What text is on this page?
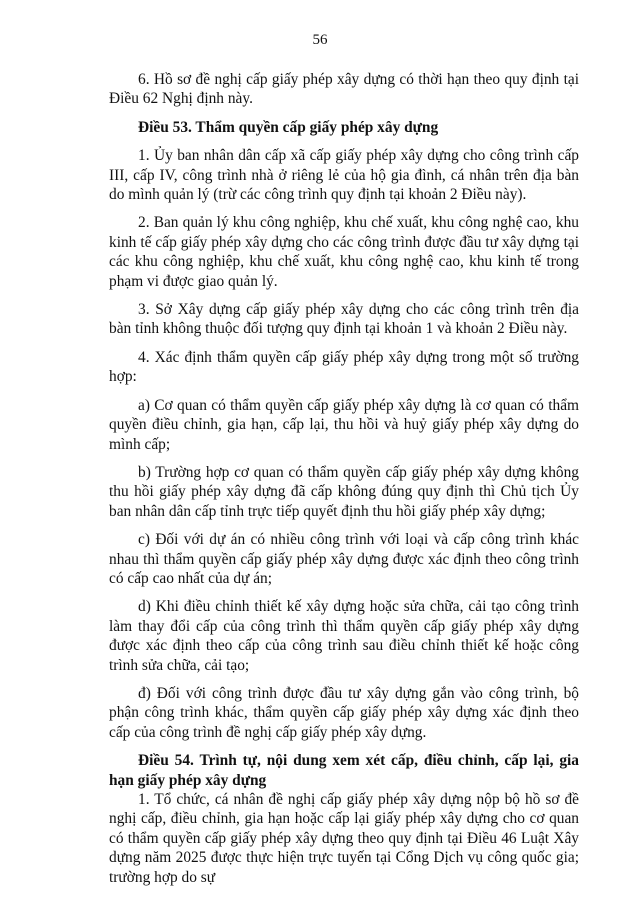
56

6. Hồ sơ đề nghị cấp giấy phép xây dựng có thời hạn theo quy định tại Điều 62 Nghị định này.

Điều 53. Thẩm quyền cấp giấy phép xây dựng

1. Ủy ban nhân dân cấp xã cấp giấy phép xây dựng cho công trình cấp III, cấp IV, công trình nhà ở riêng lẻ của hộ gia đình, cá nhân trên địa bàn do mình quản lý (trừ các công trình quy định tại khoản 2 Điều này).

2. Ban quản lý khu công nghiệp, khu chế xuất, khu công nghệ cao, khu kinh tế cấp giấy phép xây dựng cho các công trình được đầu tư xây dựng tại các khu công nghiệp, khu chế xuất, khu công nghệ cao, khu kinh tế trong phạm vi được giao quản lý.

3. Sở Xây dựng cấp giấy phép xây dựng cho các công trình trên địa bàn tỉnh không thuộc đối tượng quy định tại khoản 1 và khoản 2 Điều này.

4. Xác định thẩm quyền cấp giấy phép xây dựng trong một số trường hợp:

a) Cơ quan có thẩm quyền cấp giấy phép xây dựng là cơ quan có thẩm quyền điều chỉnh, gia hạn, cấp lại, thu hồi và huỷ giấy phép xây dựng do mình cấp;

b) Trường hợp cơ quan có thẩm quyền cấp giấy phép xây dựng không thu hồi giấy phép xây dựng đã cấp không đúng quy định thì Chủ tịch Ủy ban nhân dân cấp tỉnh trực tiếp quyết định thu hồi giấy phép xây dựng;

c) Đối với dự án có nhiều công trình với loại và cấp công trình khác nhau thì thẩm quyền cấp giấy phép xây dựng được xác định theo công trình có cấp cao nhất của dự án;

d) Khi điều chỉnh thiết kế xây dựng hoặc sửa chữa, cải tạo công trình làm thay đổi cấp của công trình thì thẩm quyền cấp giấy phép xây dựng được xác định theo cấp của công trình sau điều chỉnh thiết kế hoặc công trình sửa chữa, cải tạo;

đ) Đối với công trình được đầu tư xây dựng gắn vào công trình, bộ phận công trình khác, thẩm quyền cấp giấy phép xây dựng xác định theo cấp của công trình đề nghị cấp giấy phép xây dựng.

Điều 54. Trình tự, nội dung xem xét cấp, điều chỉnh, cấp lại, gia hạn giấy phép xây dựng

1. Tổ chức, cá nhân đề nghị cấp giấy phép xây dựng nộp bộ hồ sơ đề nghị cấp, điều chỉnh, gia hạn hoặc cấp lại giấy phép xây dựng cho cơ quan có thẩm quyền cấp giấy phép xây dựng theo quy định tại Điều 46 Luật Xây dựng năm 2025 được thực hiện trực tuyến tại Cổng Dịch vụ công quốc gia; trường hợp do sự
